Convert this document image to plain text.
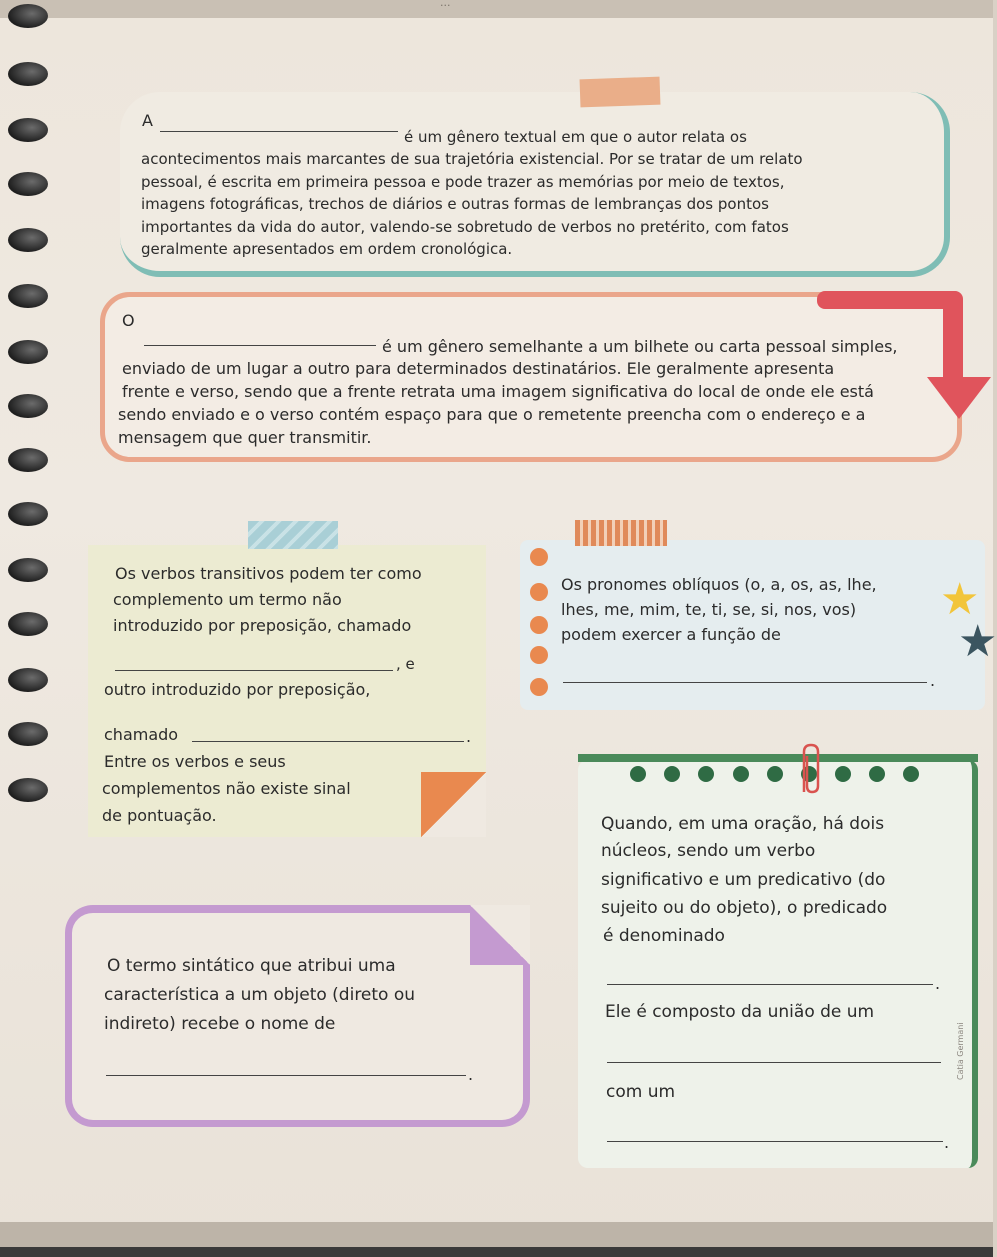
...
A
é um gênero textual em que o autor relata os
acontecimentos mais marcantes de sua trajetória existencial. Por se tratar de um relato
pessoal, é escrita em primeira pessoa e pode trazer as memórias por meio de textos,
imagens fotográficas, trechos de diários e outras formas de lembranças dos pontos
importantes da vida do autor, valendo-se sobretudo de verbos no pretérito, com fatos
geralmente apresentados em ordem cronológica.
O
é um gênero semelhante a um bilhete ou carta pessoal simples,
enviado de um lugar a outro para determinados destinatários. Ele geralmente apresenta
frente e verso, sendo que a frente retrata uma imagem significativa do local de onde ele está
sendo enviado e o verso contém espaço para que o remetente preencha com o endereço e a
mensagem que quer transmitir.
Os verbos transitivos podem ter como
complemento um termo não
introduzido por preposição, chamado
, e
outro introduzido por preposição,
chamado	.
Entre os verbos e seus
complementos não existe sinal
de pontuação.
Os pronomes oblíquos (o, a, os, as, lhe,
lhes, me, mim, te, ti, se, si, nos, vos)
podem exercer a função de
.
★
★
Quando, em uma oração, há dois
núcleos, sendo um verbo
significativo e um predicativo (do
sujeito ou do objeto), o predicado
é denominado
.
Ele é composto da união de um
com um
.
Catia Germani
O termo sintático que atribui uma
característica a um objeto (direto ou
indireto) recebe o nome de
.
